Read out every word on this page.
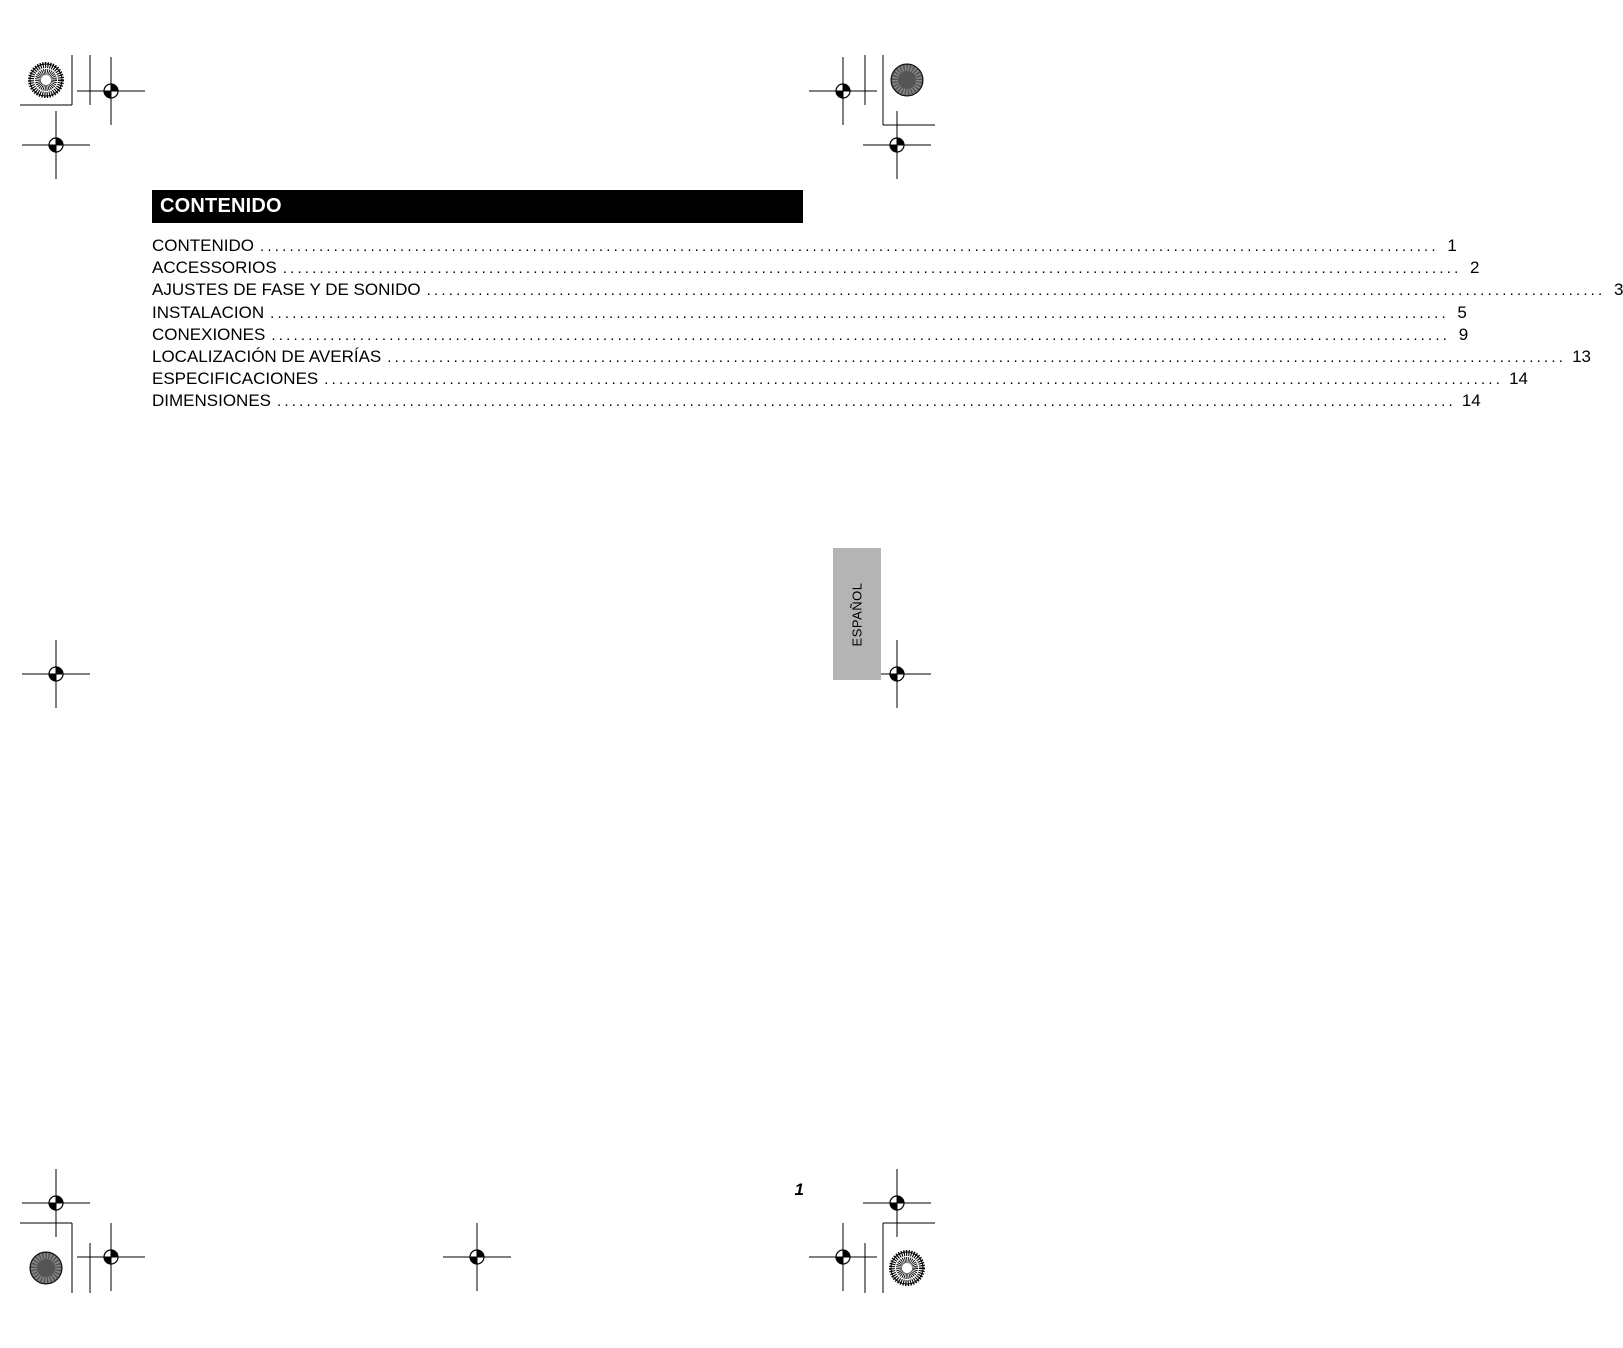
CONTENIDO
CONTENIDO ................................................................................................................................................................ 1
ACCESSORIOS ................................................................................................................................................................ 2
AJUSTES DE FASE Y DE SONIDO ................................................................................................................................................................ 3
INSTALACION ................................................................................................................................................................ 5
CONEXIONES ................................................................................................................................................................ 9
LOCALIZACIÓN DE AVERÍAS ................................................................................................................................................................ 13
ESPECIFICACIONES ................................................................................................................................................................ 14
DIMENSIONES ................................................................................................................................................................ 14
ESPAÑOL
1
